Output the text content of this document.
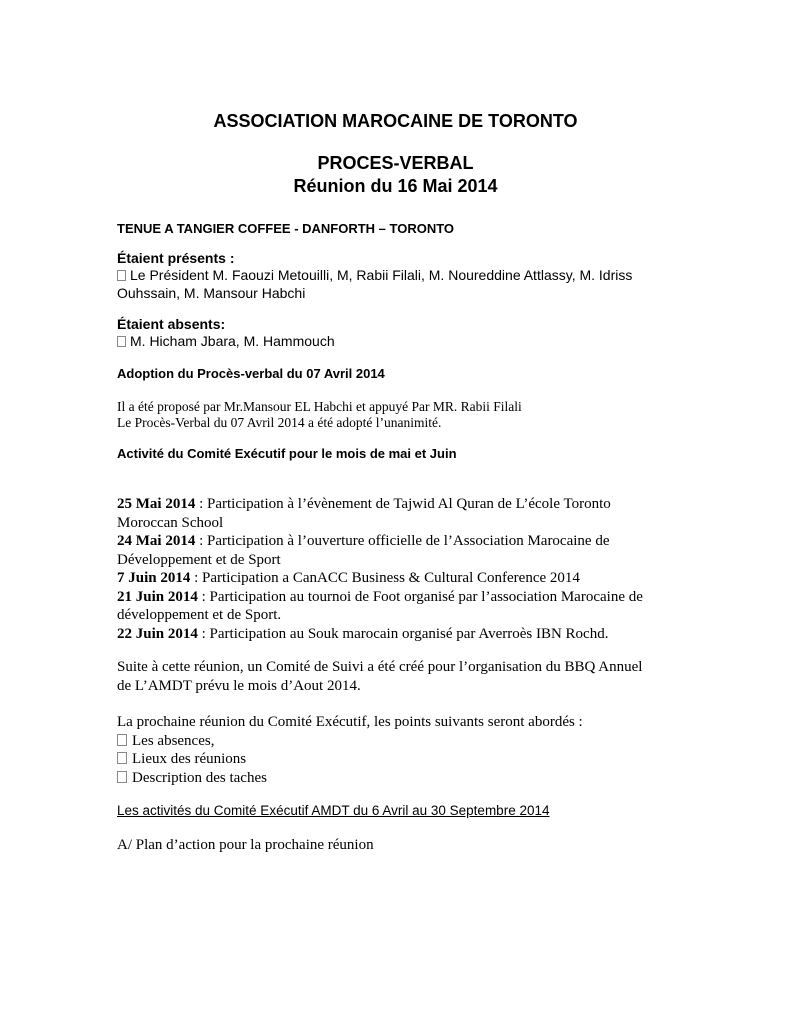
ASSOCIATION MAROCAINE DE TORONTO
PROCES-VERBAL
Réunion du 16 Mai 2014
TENUE A TANGIER COFFEE - DANFORTH – TORONTO
Étaient présents :
Le Président M. Faouzi Metouilli, M, Rabii Filali, M. Noureddine Attlassy, M. Idriss
Ouhssain, M. Mansour Habchi
Étaient absents:
M. Hicham Jbara, M. Hammouch
Adoption du Procès-verbal du 07 Avril 2014
Il a été proposé par Mr.Mansour EL Habchi et appuyé Par MR. Rabii Filali
Le Procès-Verbal du 07 Avril 2014 a été adopté l’unanimité.
Activité du Comité Exécutif pour le mois de mai et Juin

25 Mai 2014 : Participation à l’évènement de Tajwid Al Quran de L’école Toronto

Moroccan School

24 Mai 2014 : Participation à l’ouverture officielle de l’Association Marocaine de

Développement et de Sport

7 Juin 2014 : Participation a CanACC Business & Cultural Conference 2014

21 Juin 2014 : Participation au tournoi de Foot organisé par l’association Marocaine de

développement et de Sport.

22 Juin 2014 : Participation au Souk marocain organisé par Averroès IBN Rochd.

Suite à cette réunion, un Comité de Suivi a été créé pour l’organisation du BBQ Annuel

de L’AMDT prévu le mois d’Aout 2014.

La prochaine réunion du Comité Exécutif, les points suivants seront abordés :

Les absences,

Lieux des réunions

Description des taches

Les activités du Comité Exécutif AMDT du 6 Avril au 30 Septembre 2014
A/ Plan d’action pour la prochaine réunion
